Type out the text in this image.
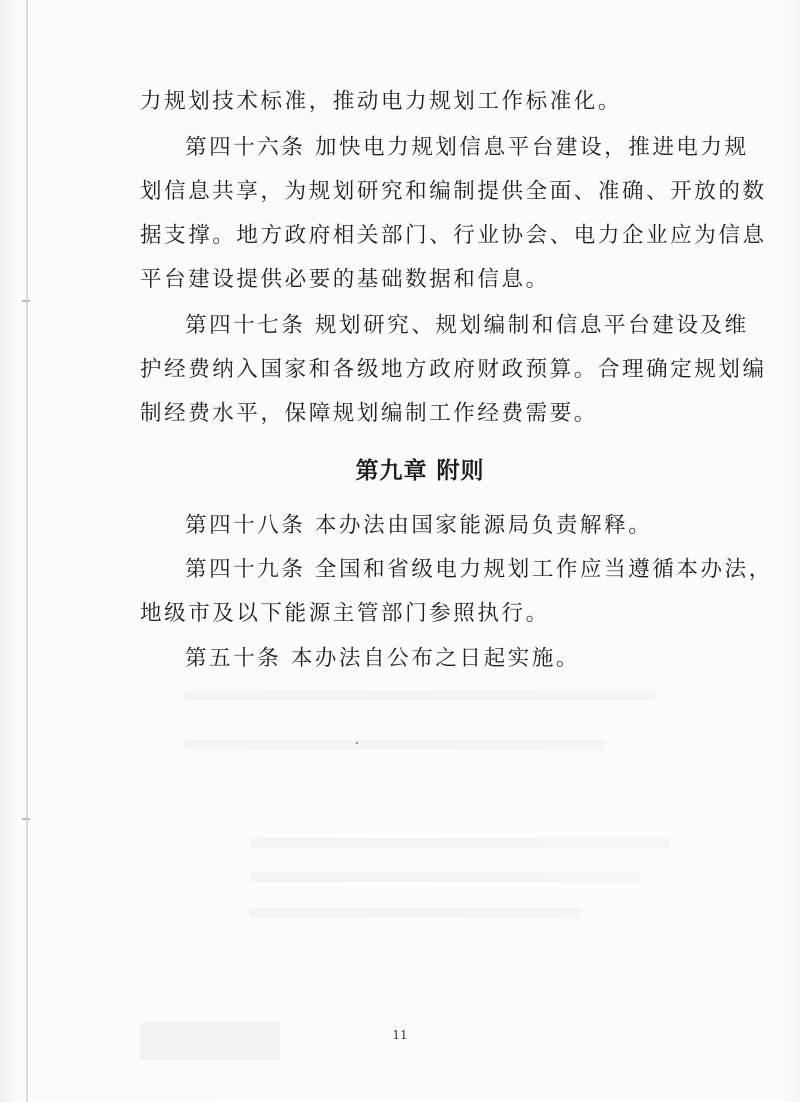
力规划技术标准，推动电力规划工作标准化。
第四十六条 加快电力规划信息平台建设，推进电力规
划信息共享，为规划研究和编制提供全面、准确、开放的数
据支撑。地方政府相关部门、行业协会、电力企业应为信息
平台建设提供必要的基础数据和信息。
第四十七条 规划研究、规划编制和信息平台建设及维
护经费纳入国家和各级地方政府财政预算。合理确定规划编
制经费水平，保障规划编制工作经费需要。
第九章 附则
第四十八条 本办法由国家能源局负责解释。
第四十九条 全国和省级电力规划工作应当遵循本办法，
地级市及以下能源主管部门参照执行。
第五十条 本办法自公布之日起实施。
11
